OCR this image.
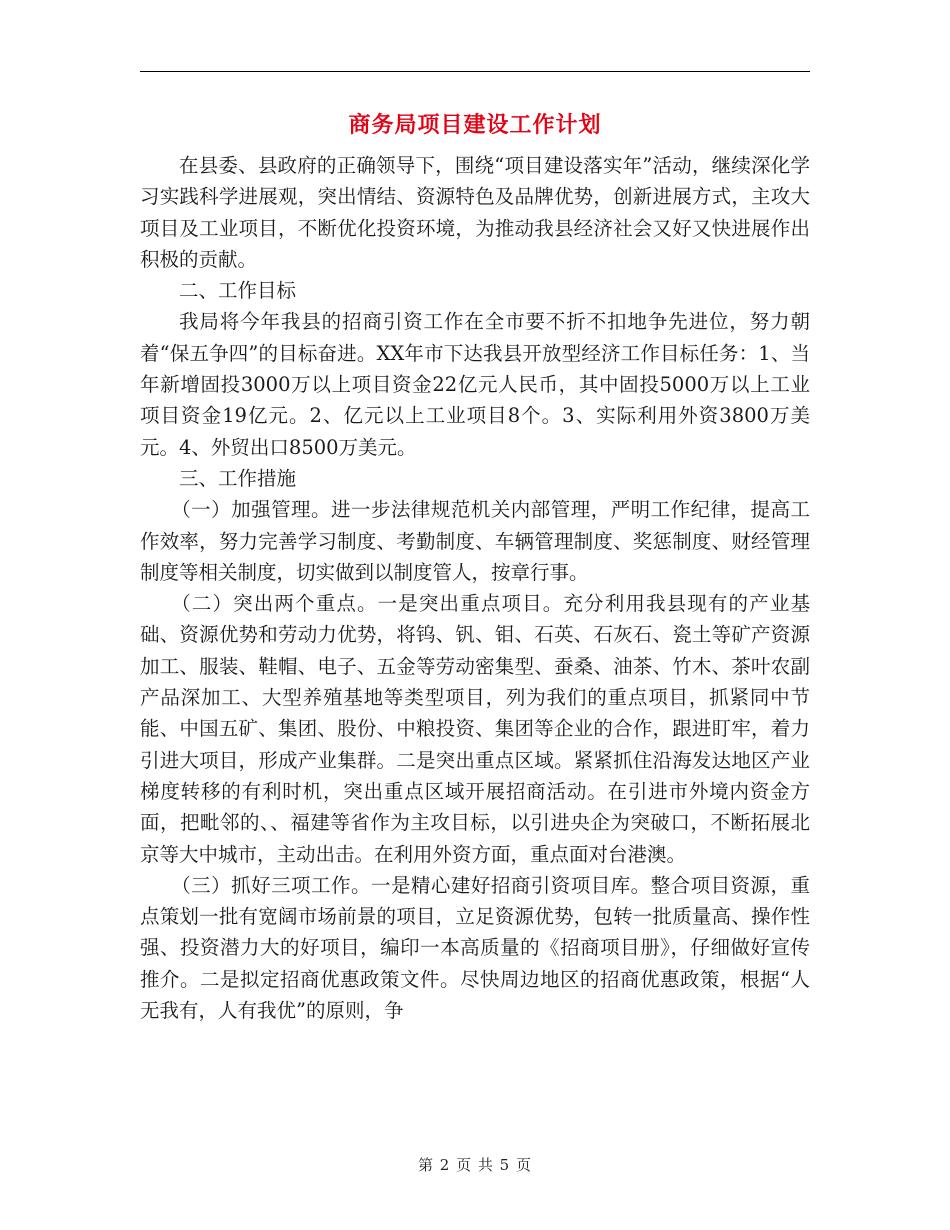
商务局项目建设工作计划

在县委、县政府的正确领导下，围绕“项目建设落实年”活动，继续深化学习实践科学进展观，突出情结、资源特色及品牌优势，创新进展方式，主攻大项目及工业项目，不断优化投资环境，为推动我县经济社会又好又快进展作出积极的贡献。

二、工作目标

我局将今年我县的招商引资工作在全市要不折不扣地争先进位，努力朝着“保五争四”的目标奋进。XX年市下达我县开放型经济工作目标任务：1、当年新增固投3000万以上项目资金22亿元人民币，其中固投5000万以上工业项目资金19亿元。2、亿元以上工业项目8个。3、实际利用外资3800万美元。4、外贸出口8500万美元。

三、工作措施

（一）加强管理。进一步法律规范机关内部管理，严明工作纪律，提高工作效率，努力完善学习制度、考勤制度、车辆管理制度、奖惩制度、财经管理制度等相关制度，切实做到以制度管人，按章行事。

（二）突出两个重点。一是突出重点项目。充分利用我县现有的产业基础、资源优势和劳动力优势，将钨、钒、钼、石英、石灰石、瓷土等矿产资源加工、服装、鞋帽、电子、五金等劳动密集型、蚕桑、油茶、竹木、茶叶农副产品深加工、大型养殖基地等类型项目，列为我们的重点项目，抓紧同中节能、中国五矿、集团、股份、中粮投资、集团等企业的合作，跟进盯牢，着力引进大项目，形成产业集群。二是突出重点区域。紧紧抓住沿海发达地区产业梯度转移的有利时机，突出重点区域开展招商活动。在引进市外境内资金方面，把毗邻的、、福建等省作为主攻目标，以引进央企为突破口，不断拓展北京等大中城市，主动出击。在利用外资方面，重点面对台港澳。

（三）抓好三项工作。一是精心建好招商引资项目库。整合项目资源，重点策划一批有宽阔市场前景的项目，立足资源优势，包转一批质量高、操作性强、投资潜力大的好项目，编印一本高质量的《招商项目册》，仔细做好宣传推介。二是拟定招商优惠政策文件。尽快周边地区的招商优惠政策，根据“人无我有，人有我优”的原则，争

第 2 页 共 5 页
